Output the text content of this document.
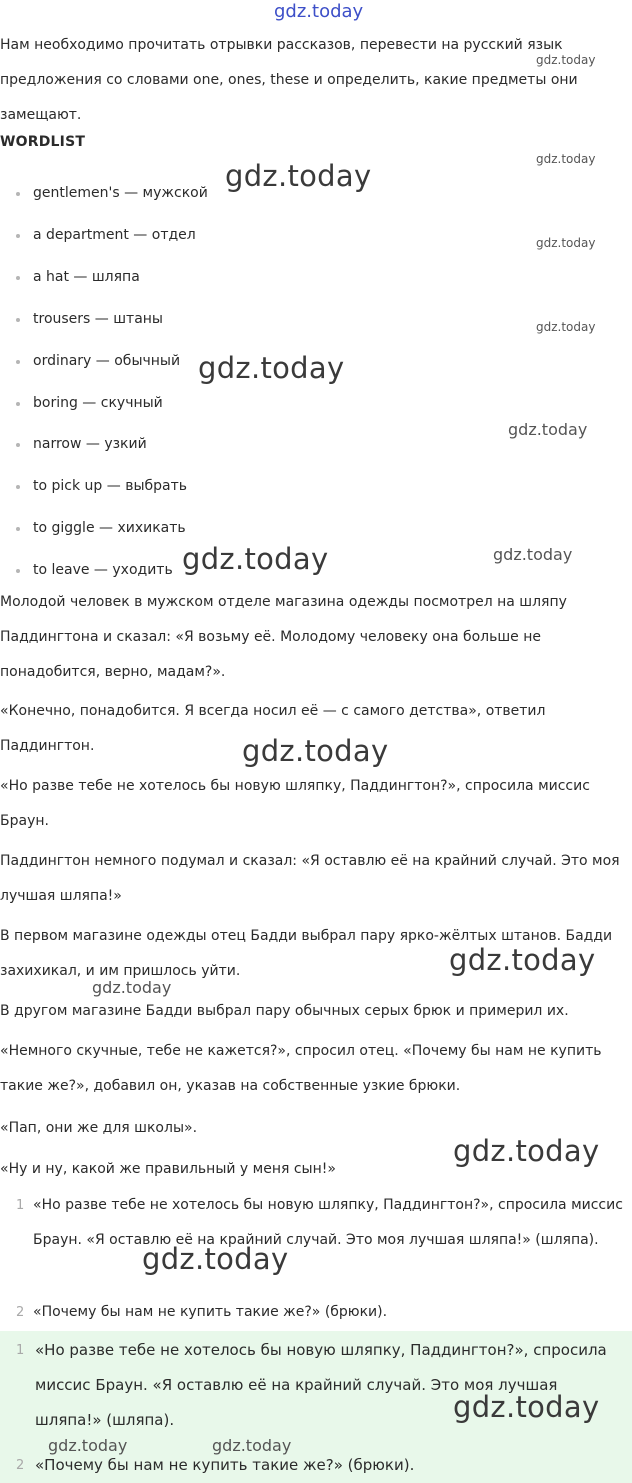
gdz.today

Нам необходимо прочитать отрывки рассказов, перевести на русский язык предложения со словами one, ones, these и определить, какие предметы они замещают.

WORDLIST
gentlemen's — мужской
a department — отдел
a hat — шляпа
trousers — штаны
ordinary — обычный
boring — скучный
narrow — узкий
to pick up — выбрать
to giggle — хихикать
to leave — уходить

Молодой человек в мужском отделе магазина одежды посмотрел на шляпу Паддингтона и сказал: «Я возьму её. Молодому человеку она больше не понадобится, верно, мадам?».

«Конечно, понадобится. Я всегда носил её — с самого детства», ответил Паддингтон.

«Но разве тебе не хотелось бы новую шляпку, Паддингтон?», спросила миссис Браун.

Паддингтон немного подумал и сказал: «Я оставлю её на крайний случай. Это моя лучшая шляпа!»

В первом магазине одежды отец Бадди выбрал пару ярко-жёлтых штанов. Бадди захихикал, и им пришлось уйти.

В другом магазине Бадди выбрал пару обычных серых брюк и примерил их.

«Немного скучные, тебе не кажется?», спросил отец. «Почему бы нам не купить такие же?», добавил он, указав на собственные узкие брюки.

«Пап, они же для школы».

«Ну и ну, какой же правильный у меня сын!»

1 «Но разве тебе не хотелось бы новую шляпку, Паддингтон?», спросила миссис Браун. «Я оставлю её на крайний случай. Это моя лучшая шляпа!» (шляпа).
2 «Почему бы нам не купить такие же?» (брюки).
1 «Но разве тебе не хотелось бы новую шляпку, Паддингтон?», спросила миссис Браун. «Я оставлю её на крайний случай. Это моя лучшая шляпа!» (шляпа).
2 «Почему бы нам не купить такие же?» (брюки).
gdz.today
gdz.today
gdz.today
gdz.today
gdz.today
gdz.today
gdz.today
gdz.today
gdz.today
gdz.today
gdz.today
gdz.today
gdz.today
gdz.today
gdz.today
gdz.today	gdz.today
